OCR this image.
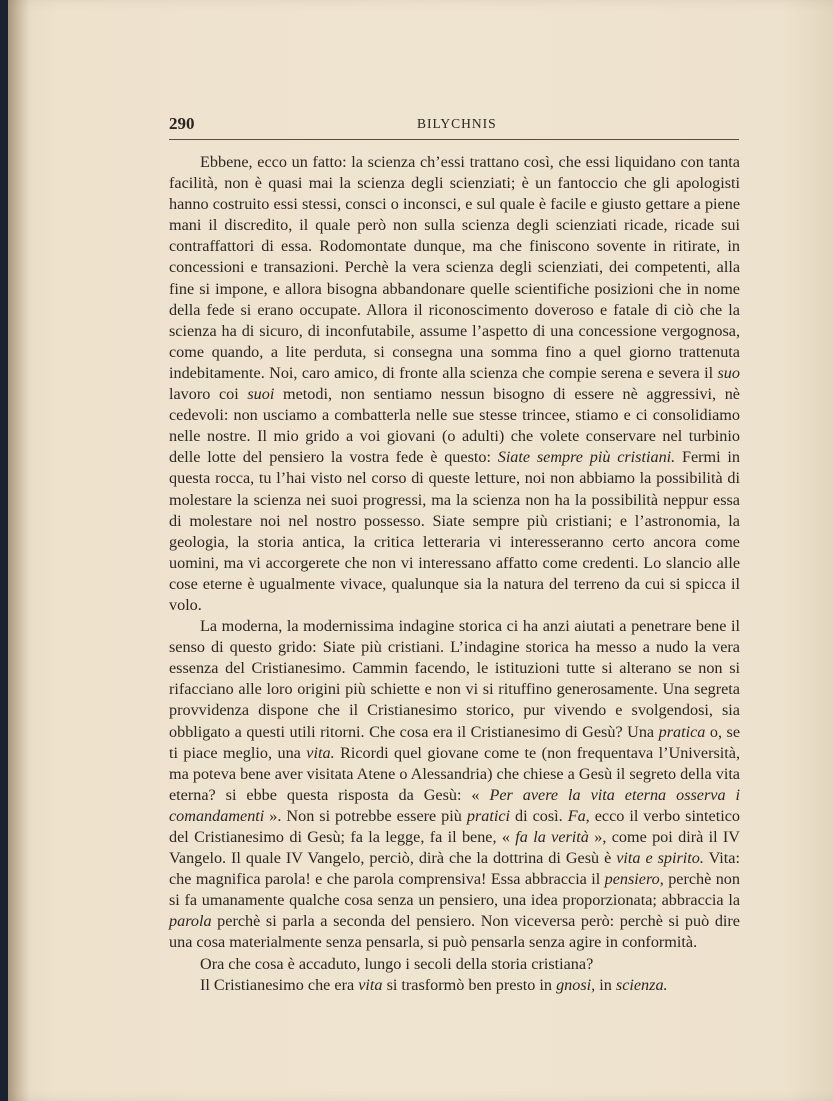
290	BILYCHNIS

Ebbene, ecco un fatto: la scienza ch’essi trattano così, che essi liquidano con tanta facilità, non è quasi mai la scienza degli scienziati; è un fantoccio che gli apologisti hanno costruito essi stessi, consci o inconsci, e sul quale è facile e giusto gettare a piene mani il discredito, il quale però non sulla scienza degli scienziati ricade, ricade sui contraffattori di essa. Rodomontate dunque, ma che finiscono sovente in ritirate, in concessioni e transazioni. Perchè la vera scienza degli scienziati, dei competenti, alla fine si impone, e allora bisogna abbandonare quelle scientifiche posizioni che in nome della fede si erano occupate. Allora il riconoscimento doveroso e fatale di ciò che la scienza ha di sicuro, di inconfutabile, assume l’aspetto di una concessione vergognosa, come quando, a lite perduta, si consegna una somma fino a quel giorno trattenuta indebitamente. Noi, caro amico, di fronte alla scienza che compie serena e severa il suo lavoro coi suoi metodi, non sentiamo nessun bisogno di essere nè aggressivi, nè cedevoli: non usciamo a combatterla nelle sue stesse trincee, stiamo e ci consolidiamo nelle nostre. Il mio grido a voi giovani (o adulti) che volete conservare nel turbinio delle lotte del pensiero la vostra fede è questo: Siate sempre più cristiani. Fermi in questa rocca, tu l’hai visto nel corso di queste letture, noi non abbiamo la possibilità di molestare la scienza nei suoi progressi, ma la scienza non ha la possibilità neppur essa di molestare noi nel nostro possesso. Siate sempre più cristiani; e l’astronomia, la geologia, la storia antica, la critica letteraria vi interesseranno certo ancora come uomini, ma vi accorgerete che non vi interessano affatto come credenti. Lo slancio alle cose eterne è ugualmente vivace, qualunque sia la natura del terreno da cui si spicca il volo.

La moderna, la modernissima indagine storica ci ha anzi aiutati a penetrare bene il senso di questo grido: Siate più cristiani. L’indagine storica ha messo a nudo la vera essenza del Cristianesimo. Cammin facendo, le istituzioni tutte si alterano se non si rifacciano alle loro origini più schiette e non vi si rituffino generosamente. Una segreta provvidenza dispone che il Cristianesimo storico, pur vivendo e svolgendosi, sia obbligato a questi utili ritorni. Che cosa era il Cristianesimo di Gesù? Una pratica o, se ti piace meglio, una vita. Ricordi quel giovane come te (non frequentava l’Università, ma poteva bene aver visitata Atene o Alessandria) che chiese a Gesù il segreto della vita eterna? si ebbe questa risposta da Gesù: « Per avere la vita eterna osserva i comandamenti ». Non si potrebbe essere più pratici di così. Fa, ecco il verbo sintetico del Cristianesimo di Gesù; fa la legge, fa il bene, « fa la verità », come poi dirà il IV Vangelo. Il quale IV Vangelo, perciò, dirà che la dottrina di Gesù è vita e spirito. Vita: che magnifica parola! e che parola comprensiva! Essa abbraccia il pensiero, perchè non si fa umanamente qualche cosa senza un pensiero, una idea proporzionata; abbraccia la parola perchè si parla a seconda del pensiero. Non viceversa però: perchè si può dire una cosa materialmente senza pensarla, si può pensarla senza agire in conformità.

Ora che cosa è accaduto, lungo i secoli della storia cristiana?

Il Cristianesimo che era vita si trasformò ben presto in gnosi, in scienza.
